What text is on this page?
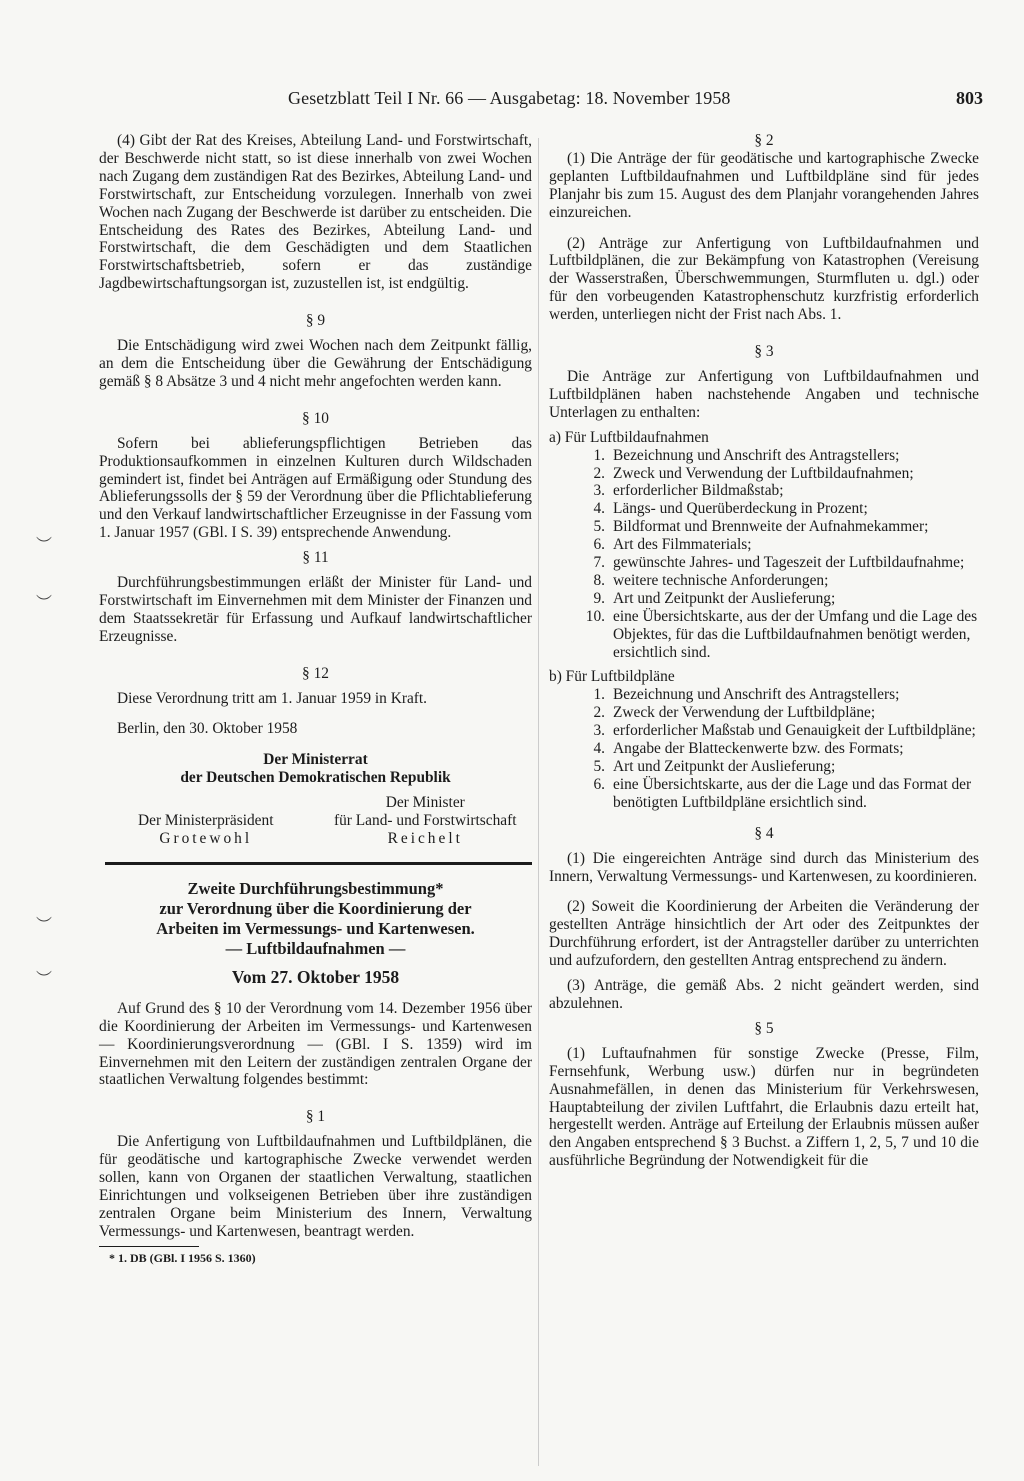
Gesetzblatt Teil I Nr. 66 — Ausgabetag: 18. November 1958	803

(4) Gibt der Rat des Kreises, Abteilung Land- und Forstwirtschaft, der Beschwerde nicht statt, so ist diese innerhalb von zwei Wochen nach Zugang dem zuständigen Rat des Bezirkes, Abteilung Land- und Forstwirtschaft, zur Entscheidung vorzulegen. Innerhalb von zwei Wochen nach Zugang der Beschwerde ist darüber zu entscheiden. Die Entscheidung des Rates des Bezirkes, Abteilung Land- und Forstwirtschaft, die dem Geschädigten und dem Staatlichen Forstwirtschaftsbetrieb, sofern er das zuständige Jagdbewirtschaftungsorgan ist, zuzustellen ist, ist endgültig.

§ 9

Die Entschädigung wird zwei Wochen nach dem Zeitpunkt fällig, an dem die Entscheidung über die Gewährung der Entschädigung gemäß § 8 Absätze 3 und 4 nicht mehr angefochten werden kann.

§ 10

Sofern bei ablieferungspflichtigen Betrieben das Produktionsaufkommen in einzelnen Kulturen durch Wildschaden gemindert ist, findet bei Anträgen auf Ermäßigung oder Stundung des Ablieferungssolls der § 59 der Verordnung über die Pflichtablieferung und den Verkauf landwirtschaftlicher Erzeugnisse in der Fassung vom 1. Januar 1957 (GBl. I S. 39) entsprechende Anwendung.

§ 11

Durchführungsbestimmungen erläßt der Minister für Land- und Forstwirtschaft im Einvernehmen mit dem Minister der Finanzen und dem Staatssekretär für Erfassung und Aufkauf landwirtschaftlicher Erzeugnisse.

§ 12

Diese Verordnung tritt am 1. Januar 1959 in Kraft.

Berlin, den 30. Oktober 1958

Der Ministerrat
der Deutschen Demokratischen Republik
Der Minister
Der Ministerpräsident	für Land- und Forstwirtschaft
Grotewohl	Reichelt
Zweite Durchführungsbestimmung*
zur Verordnung über die Koordinierung der
Arbeiten im Vermessungs- und Kartenwesen.
— Luftbildaufnahmen —
Vom 27. Oktober 1958

Auf Grund des § 10 der Verordnung vom 14. Dezember 1956 über die Koordinierung der Arbeiten im Vermessungs- und Kartenwesen — Koordinierungsverordnung — (GBl. I S. 1359) wird im Einvernehmen mit den Leitern der zuständigen zentralen Organe der staatlichen Verwaltung folgendes bestimmt:

§ 1

Die Anfertigung von Luftbildaufnahmen und Luftbildplänen, die für geodätische und kartographische Zwecke verwendet werden sollen, kann von Organen der staatlichen Verwaltung, staatlichen Einrichtungen und volkseigenen Betrieben über ihre zuständigen zentralen Organe beim Ministerium des Innern, Verwaltung Vermessungs- und Kartenwesen, beantragt werden.

* 1. DB (GBl. I 1956 S. 1360)

§ 2

(1) Die Anträge der für geodätische und kartographische Zwecke geplanten Luftbildaufnahmen und Luftbildpläne sind für jedes Planjahr bis zum 15. August des dem Planjahr vorangehenden Jahres einzureichen.

(2) Anträge zur Anfertigung von Luftbildaufnahmen und Luftbildplänen, die zur Bekämpfung von Katastrophen (Vereisung der Wasserstraßen, Überschwemmungen, Sturmfluten u. dgl.) oder für den vorbeugenden Katastrophenschutz kurzfristig erforderlich werden, unterliegen nicht der Frist nach Abs. 1.

§ 3

Die Anträge zur Anfertigung von Luftbildaufnahmen und Luftbildplänen haben nachstehende Angaben und technische Unterlagen zu enthalten:

a) Für Luftbildaufnahmen
1. Bezeichnung und Anschrift des Antragstellers;
2. Zweck und Verwendung der Luftbildaufnahmen;
3. erforderlicher Bildmaßstab;
4. Längs- und Querüberdeckung in Prozent;
5. Bildformat und Brennweite der Aufnahmekammer;
6. Art des Filmmaterials;
7. gewünschte Jahres- und Tageszeit der Luftbildaufnahme;
8. weitere technische Anforderungen;
9. Art und Zeitpunkt der Auslieferung;
10. eine Übersichtskarte, aus der der Umfang und die Lage des Objektes, für das die Luftbildaufnahmen benötigt werden, ersichtlich sind.
b) Für Luftbildpläne
1. Bezeichnung und Anschrift des Antragstellers;
2. Zweck der Verwendung der Luftbildpläne;
3. erforderlicher Maßstab und Genauigkeit der Luftbildpläne;
4. Angabe der Blatteckenwerte bzw. des Formats;
5. Art und Zeitpunkt der Auslieferung;
6. eine Übersichtskarte, aus der die Lage und das Format der benötigten Luftbildpläne ersichtlich sind.

§ 4

(1) Die eingereichten Anträge sind durch das Ministerium des Innern, Verwaltung Vermessungs- und Kartenwesen, zu koordinieren.

(2) Soweit die Koordinierung der Arbeiten die Veränderung der gestellten Anträge hinsichtlich der Art oder des Zeitpunktes der Durchführung erfordert, ist der Antragsteller darüber zu unterrichten und aufzufordern, den gestellten Antrag entsprechend zu ändern.

(3) Anträge, die gemäß Abs. 2 nicht geändert werden, sind abzulehnen.

§ 5

(1) Luftaufnahmen für sonstige Zwecke (Presse, Film, Fernsehfunk, Werbung usw.) dürfen nur in begründeten Ausnahmefällen, in denen das Ministerium für Verkehrswesen, Hauptabteilung der zivilen Luftfahrt, die Erlaubnis dazu erteilt hat, hergestellt werden. Anträge auf Erteilung der Erlaubnis müssen außer den Angaben entsprechend § 3 Buchst. a Ziffern 1, 2, 5, 7 und 10 die ausführliche Begründung der Notwendigkeit für die

︶
︶
︶
︶
